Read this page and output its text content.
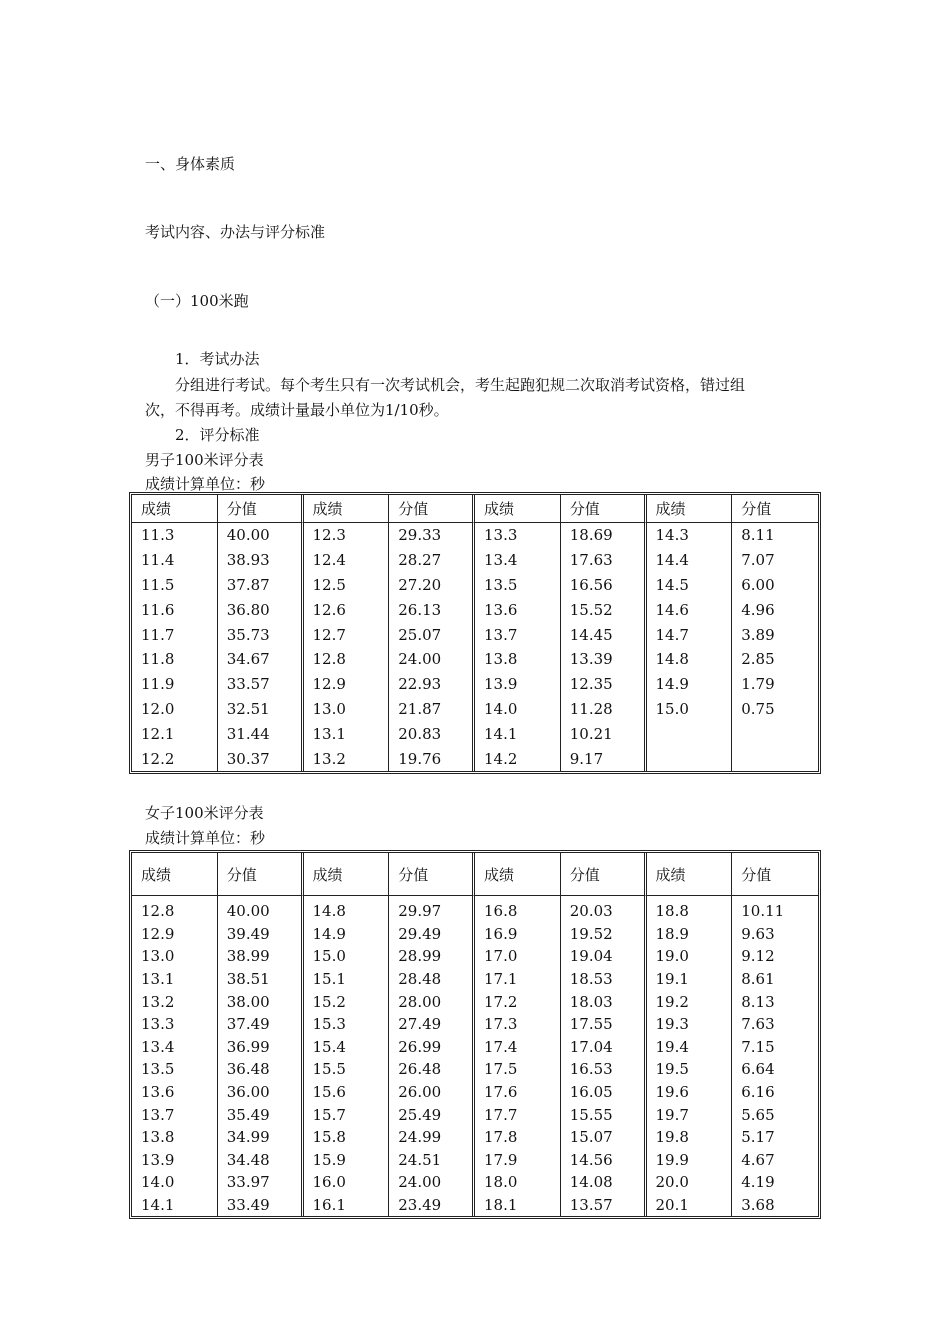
一、身体素质
考试内容、办法与评分标准
（一）100米跑
1．考试办法
分组进行考试。每个考生只有一次考试机会，考生起跑犯规二次取消考试资格，错过组
次，不得再考。成绩计量最小单位为1/10秒。
2．评分标准
男子100米评分表
成绩计算单位：秒
成绩	分值	成绩	分值	成绩	分值	成绩	分值
11.3	40.00	12.3	29.33	13.3	18.69	14.3	8.11
11.4	38.93	12.4	28.27	13.4	17.63	14.4	7.07
11.5	37.87	12.5	27.20	13.5	16.56	14.5	6.00
11.6	36.80	12.6	26.13	13.6	15.52	14.6	4.96
11.7	35.73	12.7	25.07	13.7	14.45	14.7	3.89
11.8	34.67	12.8	24.00	13.8	13.39	14.8	2.85
11.9	33.57	12.9	22.93	13.9	12.35	14.9	1.79
12.0	32.51	13.0	21.87	14.0	11.28	15.0	0.75
12.1	31.44	13.1	20.83	14.1	10.21		
12.2	30.37	13.2	19.76	14.2	9.17		
女子100米评分表
成绩计算单位：秒
成绩	分值	成绩	分值	成绩	分值	成绩	分值

12.8	40.00	14.8	29.97	16.8	20.03	18.8	10.11
12.9	39.49	14.9	29.49	16.9	19.52	18.9	9.63
13.0	38.99	15.0	28.99	17.0	19.04	19.0	9.12
13.1	38.51	15.1	28.48	17.1	18.53	19.1	8.61
13.2	38.00	15.2	28.00	17.2	18.03	19.2	8.13
13.3	37.49	15.3	27.49	17.3	17.55	19.3	7.63
13.4	36.99	15.4	26.99	17.4	17.04	19.4	7.15
13.5	36.48	15.5	26.48	17.5	16.53	19.5	6.64
13.6	36.00	15.6	26.00	17.6	16.05	19.6	6.16
13.7	35.49	15.7	25.49	17.7	15.55	19.7	5.65
13.8	34.99	15.8	24.99	17.8	15.07	19.8	5.17
13.9	34.48	15.9	24.51	17.9	14.56	19.9	4.67
14.0	33.97	16.0	24.00	18.0	14.08	20.0	4.19
14.1	33.49	16.1	23.49	18.1	13.57	20.1	3.68
